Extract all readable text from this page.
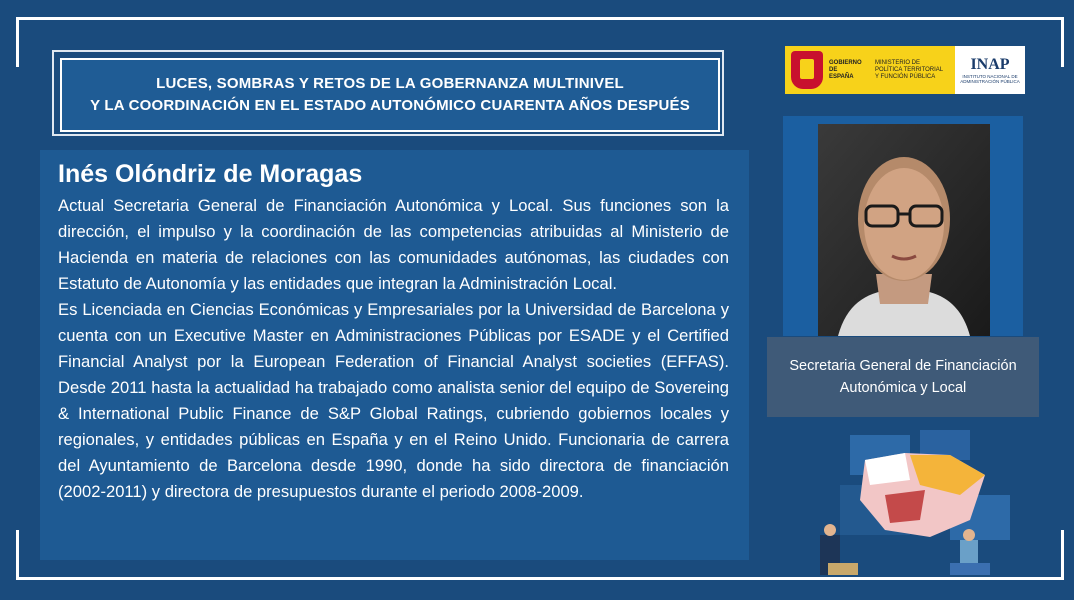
LUCES, SOMBRAS Y RETOS DE LA GOBERNANZA MULTINIVEL
Y LA COORDINACIÓN EN EL ESTADO AUTONÓMICO CUARENTA AÑOS DESPUÉS
Inés Olóndriz de Moragas

Actual Secretaria General de Financiación Autonómica y Local. Sus funciones son la dirección, el impulso y la coordinación de las competencias atribuidas al Ministerio de Hacienda en materia de relaciones con las comunidades autónomas, las ciudades con Estatuto de Autonomía y las entidades que integran la Administración Local.

Es Licenciada en Ciencias Económicas y Empresariales por la Universidad de Barcelona y cuenta con un Executive Master en Administraciones Públicas por ESADE y el Certified Financial Analyst por la European Federation of Financial Analyst societies (EFFAS). Desde 2011 hasta la actualidad ha trabajado como analista senior del equipo de Sovereing & International Public Finance de S&P Global Ratings, cubriendo gobiernos locales y regionales, y entidades públicas en España y en el Reino Unido. Funcionaria de carrera del Ayuntamiento de Barcelona desde 1990, donde ha sido directora de financiación (2002-2011) y directora de presupuestos durante el periodo 2008-2009.

GOBIERNO DE ESPAÑA
MINISTERIO DE POLÍTICA TERRITORIAL Y FUNCIÓN PÚBLICA
INAP
INSTITUTO NACIONAL DE ADMINISTRACIÓN PÚBLICA
Secretaria General de Financiación
Autonómica y Local
